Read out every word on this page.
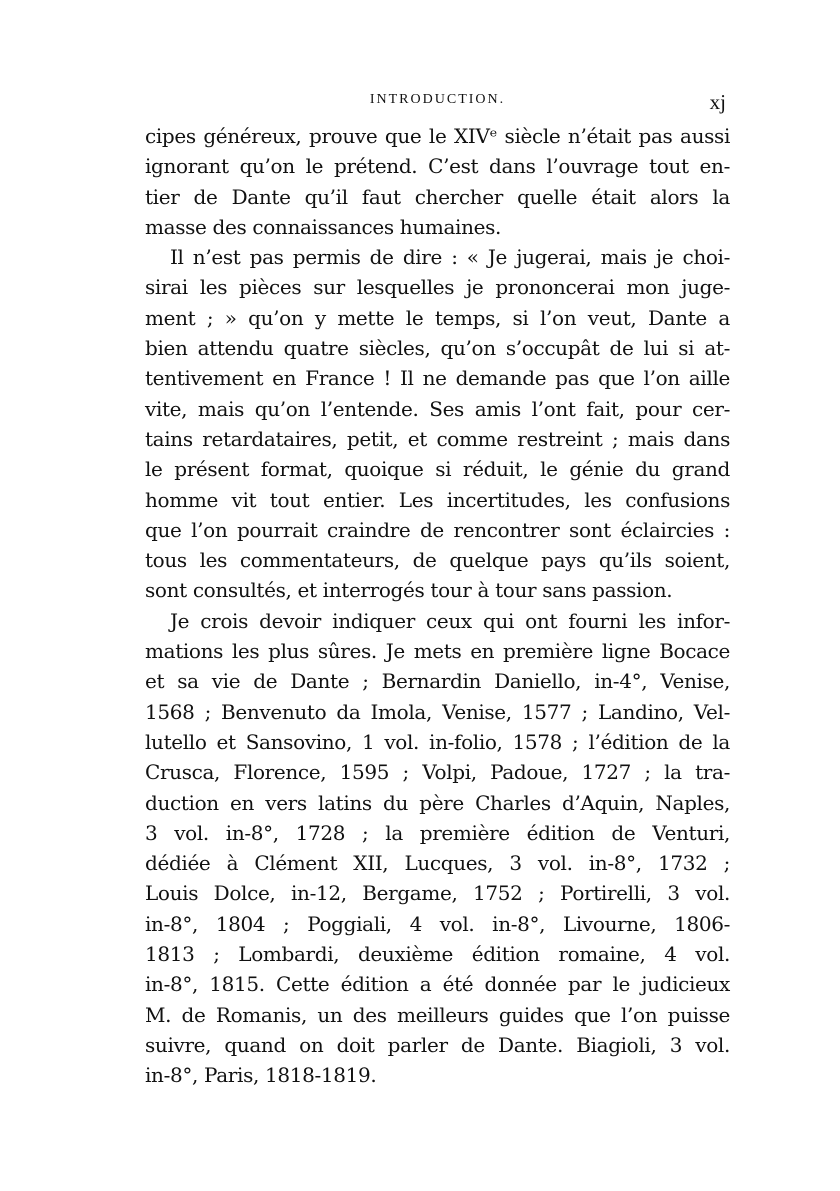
INTRODUCTION.	xj
cipes généreux, prouve que le XIVᵉ siècle n’était pas aussi
ignorant qu’on le prétend. C’est dans l’ouvrage tout en-
tier de Dante qu’il faut chercher quelle était alors la
masse des connaissances humaines.
Il n’est pas permis de dire : « Je jugerai, mais je choi-
sirai les pièces sur lesquelles je prononcerai mon juge-
ment ; » qu’on y mette le temps, si l’on veut, Dante a
bien attendu quatre siècles, qu’on s’occupât de lui si at-
tentivement en France ! Il ne demande pas que l’on aille
vite, mais qu’on l’entende. Ses amis l’ont fait, pour cer-
tains retardataires, petit, et comme restreint ; mais dans
le présent format, quoique si réduit, le génie du grand
homme vit tout entier. Les incertitudes, les confusions
que l’on pourrait craindre de rencontrer sont éclaircies :
tous les commentateurs, de quelque pays qu’ils soient,
sont consultés, et interrogés tour à tour sans passion.
Je crois devoir indiquer ceux qui ont fourni les infor-
mations les plus sûres. Je mets en première ligne Bocace
et sa vie de Dante ; Bernardin Daniello, in-4°, Venise,
1568 ; Benvenuto da Imola, Venise, 1577 ; Landino, Vel-
lutello et Sansovino, 1 vol. in-folio, 1578 ; l’édition de la
Crusca, Florence, 1595 ; Volpi, Padoue, 1727 ; la tra-
duction en vers latins du père Charles d’Aquin, Naples,
3 vol. in-8°, 1728 ; la première édition de Venturi,
dédiée à Clément XII, Lucques, 3 vol. in-8°, 1732 ;
Louis Dolce, in-12, Bergame, 1752 ; Portirelli, 3 vol.
in-8°, 1804 ; Poggiali, 4 vol. in-8°, Livourne, 1806-
1813 ; Lombardi, deuxième édition romaine, 4 vol.
in-8°, 1815. Cette édition a été donnée par le judicieux
M. de Romanis, un des meilleurs guides que l’on puisse
suivre, quand on doit parler de Dante. Biagioli, 3 vol.
in-8°, Paris, 1818-1819.
